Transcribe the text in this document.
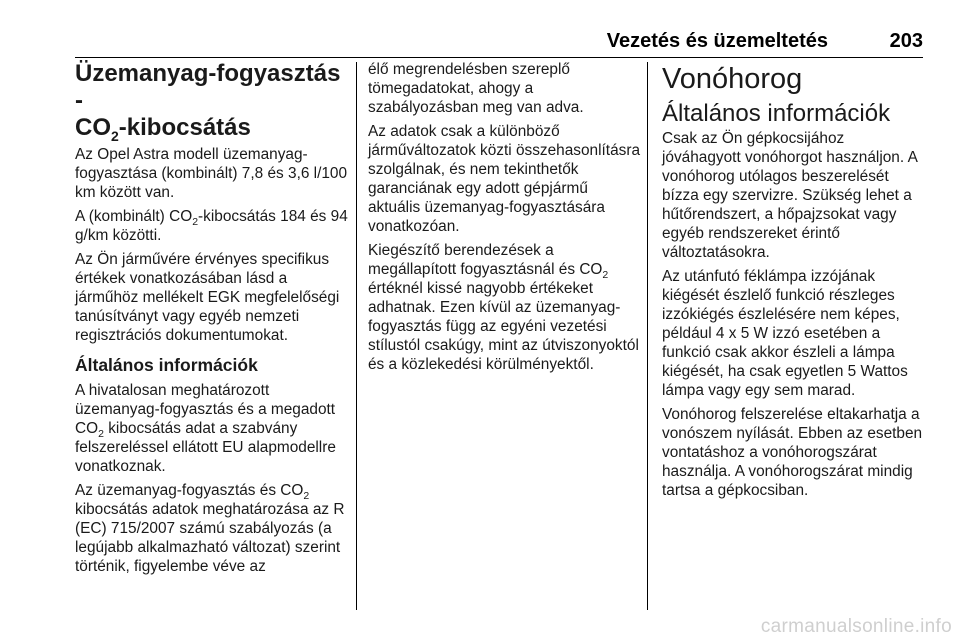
Vezetés és üzemeltetés	203
Üzemanyag-fogyasztás -
$CO_2$-kibocsátás

Az Opel Astra modell üzemanyag-fogyasztása (kombinált) 7,8 és 3,6 l/100 km között van.

A (kombinált) $CO_2$-kibocsátás 184 és 94 g/km közötti.

Az Ön járművére érvényes specifikus értékek vonatkozásában lásd a járműhöz mellékelt EGK megfelelőségi tanúsítványt vagy egyéb nemzeti regisztrációs dokumentumokat.

Általános információk

A hivatalosan meghatározott üzemanyag-fogyasztás és a megadott $CO_2$ kibocsátás adat a szabvány felszereléssel ellátott EU alapmodellre vonatkoznak.

Az üzemanyag-fogyasztás és $CO_2$ kibocsátás adatok meghatározása az R (EC) 715/2007 számú szabályozás (a legújabb alkalmazható változat) szerint történik, figyelembe véve az

élő megrendelésben szereplő tömegadatokat, ahogy a szabályozásban meg van adva.

Az adatok csak a különböző járműváltozatok közti összehasonlításra szolgálnak, és nem tekinthetők garanciának egy adott gépjármű aktuális üzemanyag-fogyasztására vonatkozóan.

Kiegészítő berendezések a megállapított fogyasztásnál és $CO_2$ értéknél kissé nagyobb értékeket adhatnak. Ezen kívül az üzemanyag-fogyasztás függ az egyéni vezetési stílustól csakúgy, mint az útviszonyoktól és a közlekedési körülményektől.

Vonóhorog
Általános információk

Csak az Ön gépkocsijához jóváhagyott vonóhorgot használjon. A vonóhorog utólagos beszerelését bízza egy szervizre. Szükség lehet a hűtőrendszert, a hőpajzsokat vagy egyéb rendszereket érintő változtatásokra.

Az utánfutó féklámpa izzójának kiégését észlelő funkció részleges izzókiégés észlelésére nem képes, például 4 x 5 W izzó esetében a funkció csak akkor észleli a lámpa kiégését, ha csak egyetlen 5 Wattos lámpa vagy egy sem marad.

Vonóhorog felszerelése eltakarhatja a vonószem nyílását. Ebben az esetben vontatáshoz a vonóhorogszárat használja. A vonóhorogszárat mindig tartsa a gépkocsiban.

carmanualsonline.info
